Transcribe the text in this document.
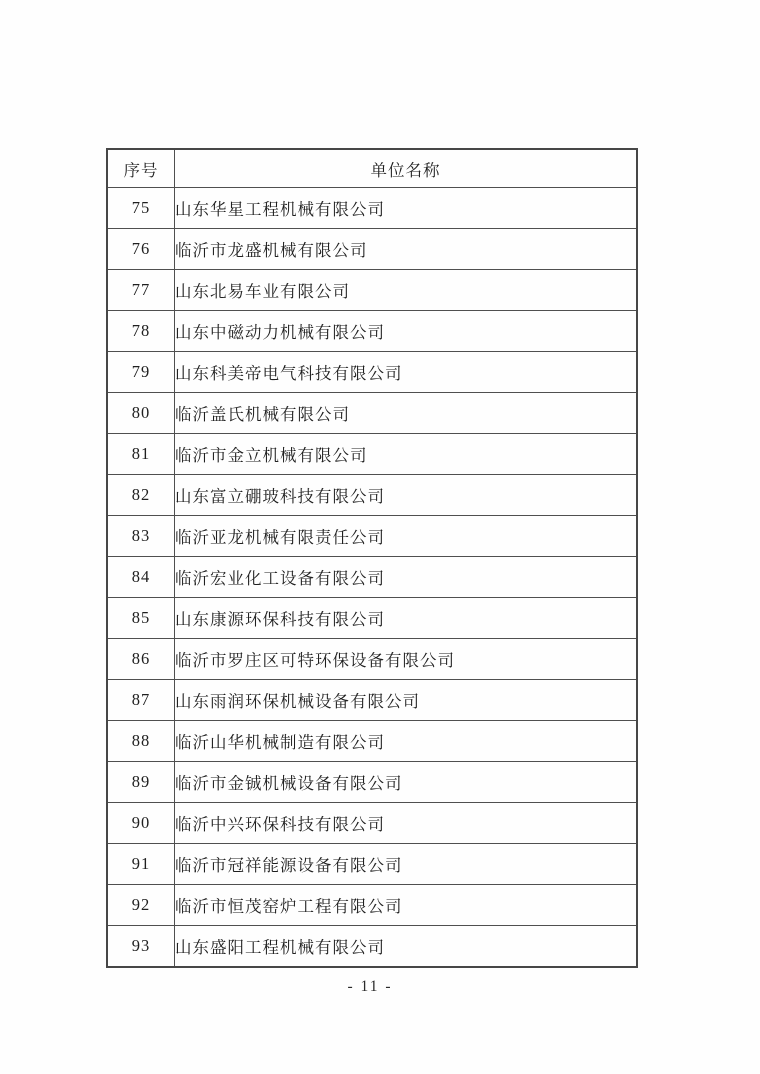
序号	单位名称
75	山东华星工程机械有限公司
76	临沂市龙盛机械有限公司
77	山东北易车业有限公司
78	山东中磁动力机械有限公司
79	山东科美帝电气科技有限公司
80	临沂盖氏机械有限公司
81	临沂市金立机械有限公司
82	山东富立硼玻科技有限公司
83	临沂亚龙机械有限责任公司
84	临沂宏业化工设备有限公司
85	山东康源环保科技有限公司
86	临沂市罗庄区可特环保设备有限公司
87	山东雨润环保机械设备有限公司
88	临沂山华机械制造有限公司
89	临沂市金铖机械设备有限公司
90	临沂中兴环保科技有限公司
91	临沂市冠祥能源设备有限公司
92	临沂市恒茂窑炉工程有限公司
93	山东盛阳工程机械有限公司
- 11 -
